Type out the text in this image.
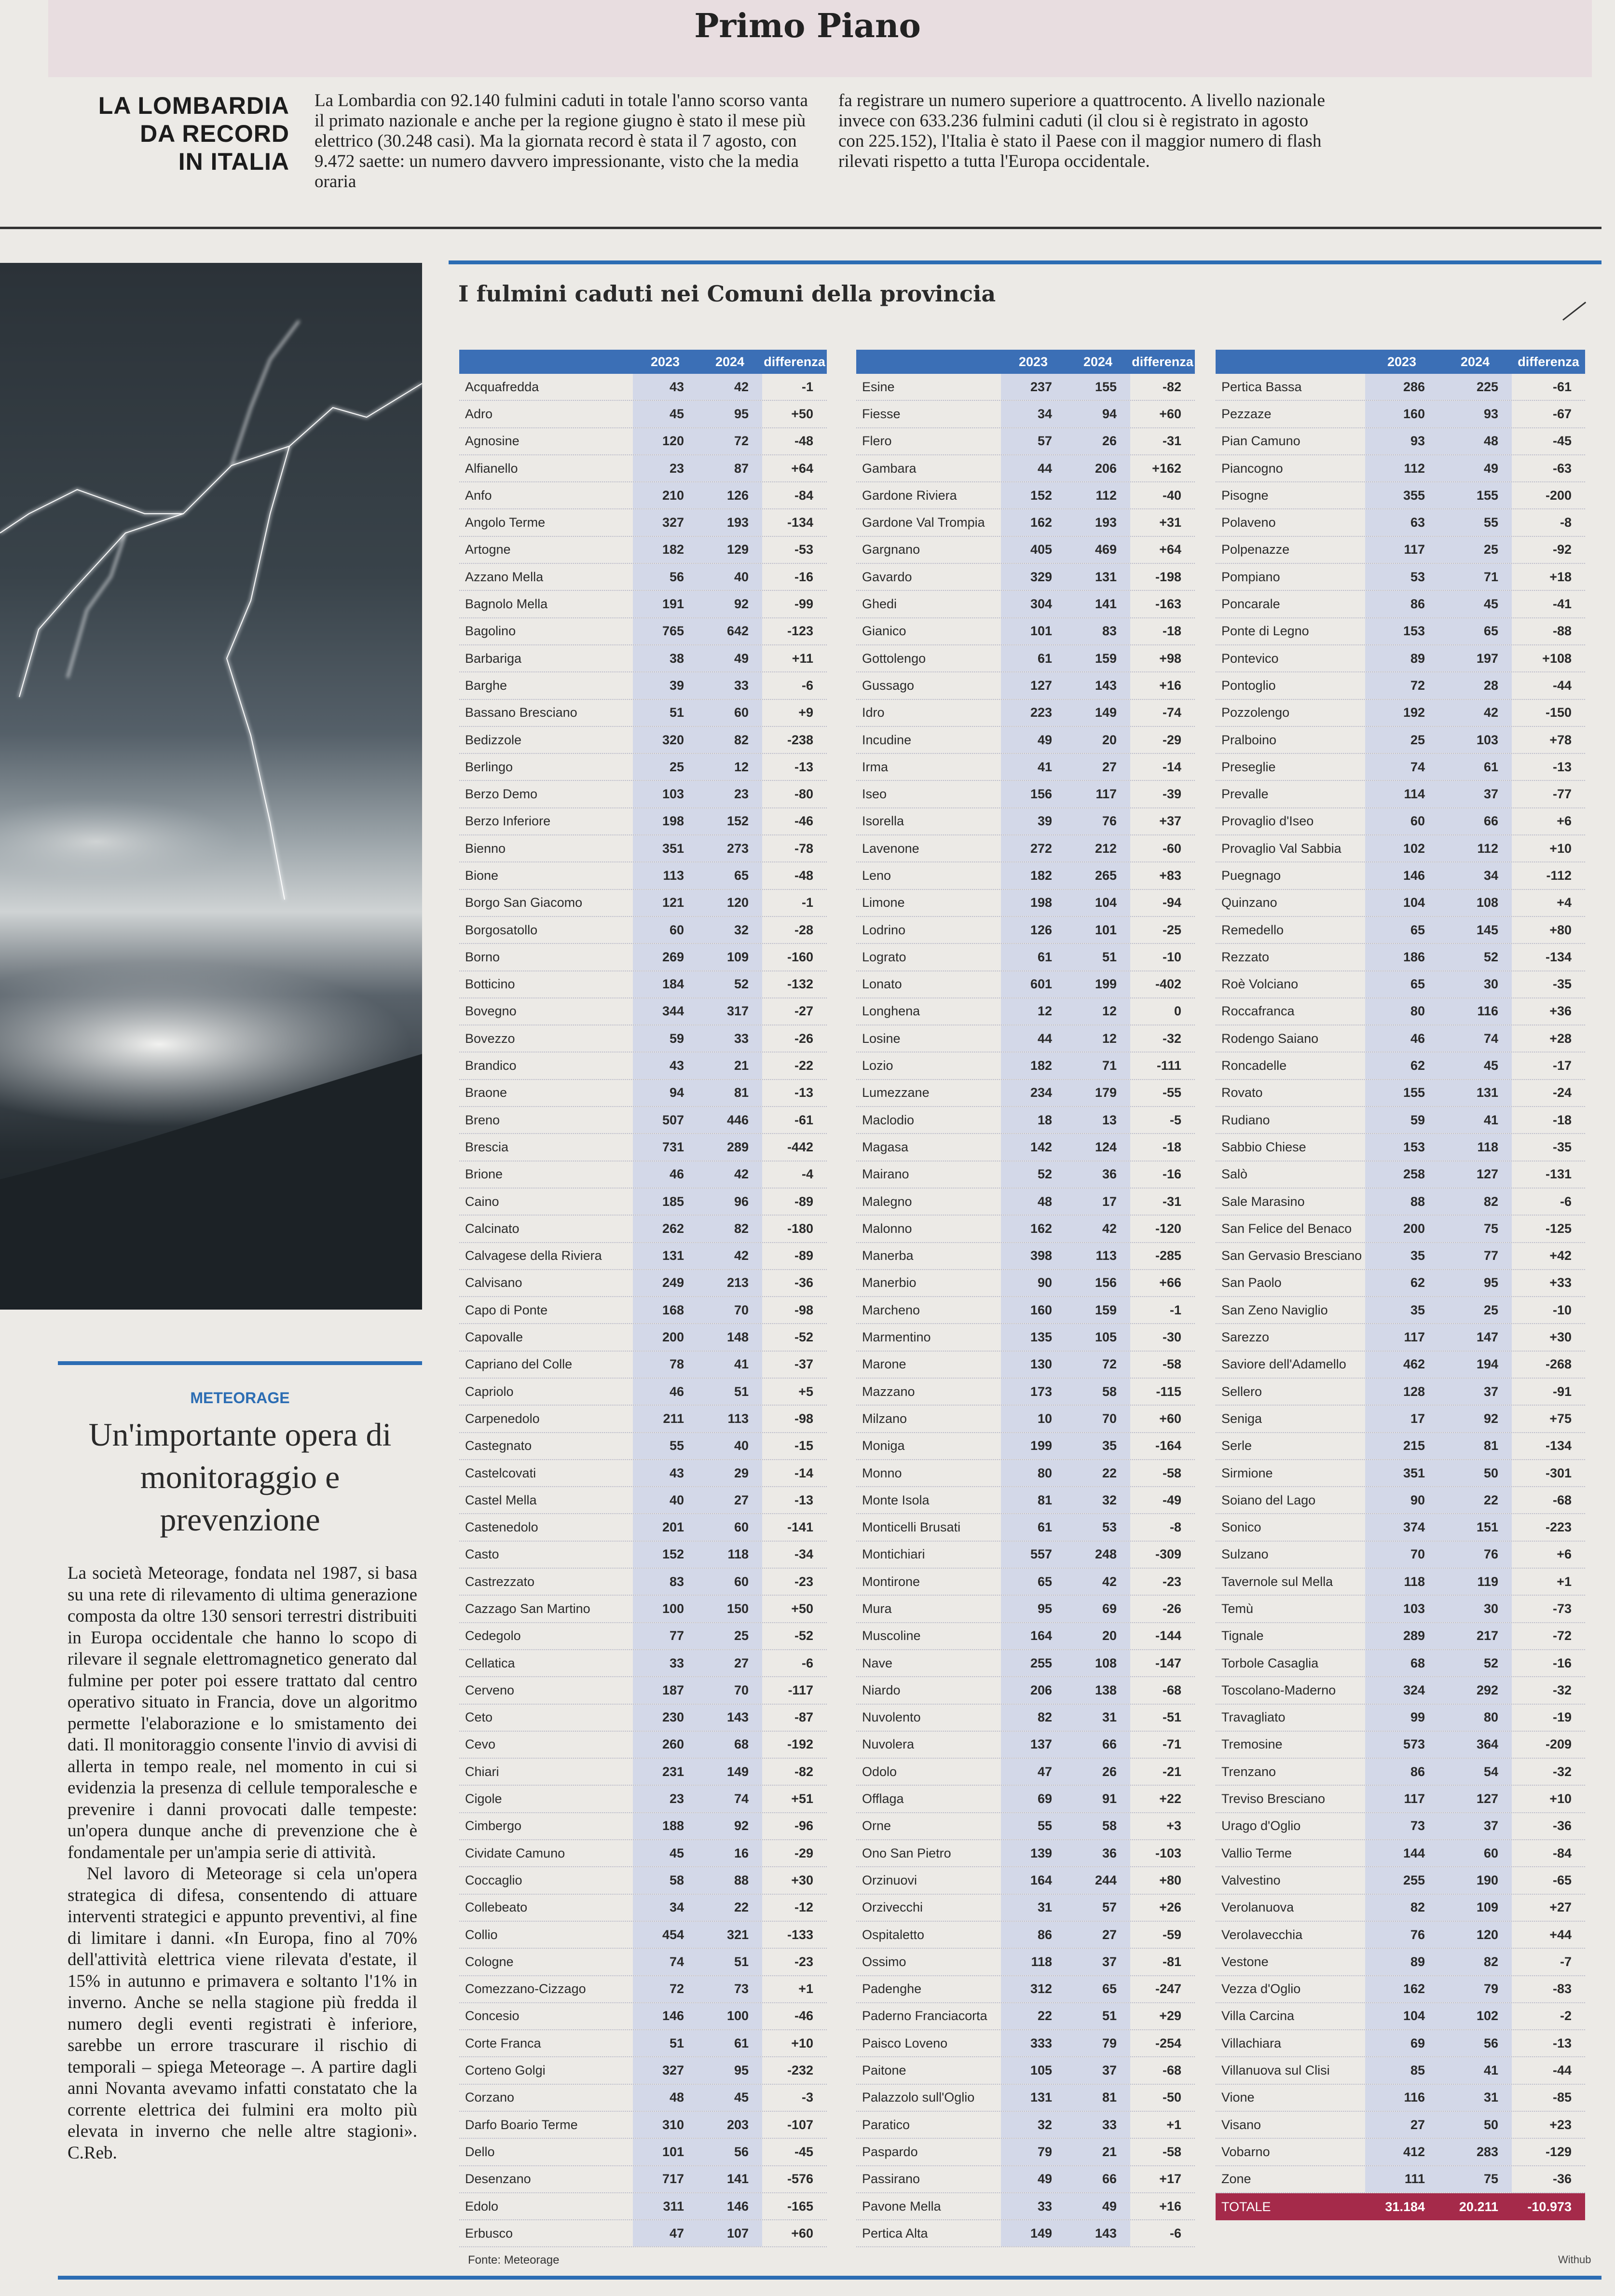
Primo Piano
LA LOMBARDIA
DA RECORD
IN ITALIA
La Lombardia con 92.140 fulmini caduti in totale l'anno scorso vanta il primato nazionale e anche per la regione giugno è stato il mese più elettrico (30.248 casi). Ma la giornata record è stata il 7 agosto, con 9.472 saette: un numero davvero impressionante, visto che la media oraria
fa registrare un numero superiore a quattrocento. A livello nazionale invece con 633.236 fulmini caduti (il clou si è registrato in agosto con 225.152), l'Italia è stato il Paese con il maggior numero di flash rilevati rispetto a tutta l'Europa occidentale.
METEORAGE
Un'importante opera di monitoraggio e prevenzione

La società Meteorage, fondata nel 1987, si basa su una rete di rilevamento di ultima generazione composta da oltre 130 sensori terrestri distribuiti in Europa occidentale che hanno lo scopo di rilevare il segnale elettromagnetico generato dal fulmine per poter poi essere trattato dal centro operativo situato in Francia, dove un algoritmo permette l'elaborazione e lo smistamento dei dati. Il monitoraggio consente l'invio di avvisi di allerta in tempo reale, nel momento in cui si evidenzia la presenza di cellule temporalesche e prevenire i danni provocati dalle tempeste: un'opera dunque anche di prevenzione che è fondamentale per un'ampia serie di attività.

Nel lavoro di Meteorage si cela un'opera strategica di difesa, consentendo di attuare interventi strategici e appunto preventivi, al fine di limitare i danni. «In Europa, fino al 70% dell'attività elettrica viene rilevata d'estate, il 15% in autunno e primavera e soltanto l'1% in inverno. Anche se nella stagione più fredda il numero degli eventi registrati è inferiore, sarebbe un errore trascurare il rischio di temporali – spiega Meteorage –. A partire dagli anni Novanta avevamo infatti constatato che la corrente elettrica dei fulmini era molto più elevata in inverno che nelle altre stagioni». C.Reb.

I fulmini caduti nei Comuni della provincia
2023	2024	differenza
Acquafredda	43	42	-1
Adro	45	95	+50
Agnosine	120	72	-48
Alfianello	23	87	+64
Anfo	210	126	-84
Angolo Terme	327	193	-134
Artogne	182	129	-53
Azzano Mella	56	40	-16
Bagnolo Mella	191	92	-99
Bagolino	765	642	-123
Barbariga	38	49	+11
Barghe	39	33	-6
Bassano Bresciano	51	60	+9
Bedizzole	320	82	-238
Berlingo	25	12	-13
Berzo Demo	103	23	-80
Berzo Inferiore	198	152	-46
Bienno	351	273	-78
Bione	113	65	-48
Borgo San Giacomo	121	120	-1
Borgosatollo	60	32	-28
Borno	269	109	-160
Botticino	184	52	-132
Bovegno	344	317	-27
Bovezzo	59	33	-26
Brandico	43	21	-22
Braone	94	81	-13
Breno	507	446	-61
Brescia	731	289	-442
Brione	46	42	-4
Caino	185	96	-89
Calcinato	262	82	-180
Calvagese della Riviera	131	42	-89
Calvisano	249	213	-36
Capo di Ponte	168	70	-98
Capovalle	200	148	-52
Capriano del Colle	78	41	-37
Capriolo	46	51	+5
Carpenedolo	211	113	-98
Castegnato	55	40	-15
Castelcovati	43	29	-14
Castel Mella	40	27	-13
Castenedolo	201	60	-141
Casto	152	118	-34
Castrezzato	83	60	-23
Cazzago San Martino	100	150	+50
Cedegolo	77	25	-52
Cellatica	33	27	-6
Cerveno	187	70	-117
Ceto	230	143	-87
Cevo	260	68	-192
Chiari	231	149	-82
Cigole	23	74	+51
Cimbergo	188	92	-96
Cividate Camuno	45	16	-29
Coccaglio	58	88	+30
Collebeato	34	22	-12
Collio	454	321	-133
Cologne	74	51	-23
Comezzano-Cizzago	72	73	+1
Concesio	146	100	-46
Corte Franca	51	61	+10
Corteno Golgi	327	95	-232
Corzano	48	45	-3
Darfo Boario Terme	310	203	-107
Dello	101	56	-45
Desenzano	717	141	-576
Edolo	311	146	-165
Erbusco	47	107	+60
2023	2024	differenza
Esine	237	155	-82
Fiesse	34	94	+60
Flero	57	26	-31
Gambara	44	206	+162
Gardone Riviera	152	112	-40
Gardone Val Trompia	162	193	+31
Gargnano	405	469	+64
Gavardo	329	131	-198
Ghedi	304	141	-163
Gianico	101	83	-18
Gottolengo	61	159	+98
Gussago	127	143	+16
Idro	223	149	-74
Incudine	49	20	-29
Irma	41	27	-14
Iseo	156	117	-39
Isorella	39	76	+37
Lavenone	272	212	-60
Leno	182	265	+83
Limone	198	104	-94
Lodrino	126	101	-25
Lograto	61	51	-10
Lonato	601	199	-402
Longhena	12	12	0
Losine	44	12	-32
Lozio	182	71	-111
Lumezzane	234	179	-55
Maclodio	18	13	-5
Magasa	142	124	-18
Mairano	52	36	-16
Malegno	48	17	-31
Malonno	162	42	-120
Manerba	398	113	-285
Manerbio	90	156	+66
Marcheno	160	159	-1
Marmentino	135	105	-30
Marone	130	72	-58
Mazzano	173	58	-115
Milzano	10	70	+60
Moniga	199	35	-164
Monno	80	22	-58
Monte Isola	81	32	-49
Monticelli Brusati	61	53	-8
Montichiari	557	248	-309
Montirone	65	42	-23
Mura	95	69	-26
Muscoline	164	20	-144
Nave	255	108	-147
Niardo	206	138	-68
Nuvolento	82	31	-51
Nuvolera	137	66	-71
Odolo	47	26	-21
Offlaga	69	91	+22
Orne	55	58	+3
Ono San Pietro	139	36	-103
Orzinuovi	164	244	+80
Orzivecchi	31	57	+26
Ospitaletto	86	27	-59
Ossimo	118	37	-81
Padenghe	312	65	-247
Paderno Franciacorta	22	51	+29
Paisco Loveno	333	79	-254
Paitone	105	37	-68
Palazzolo sull'Oglio	131	81	-50
Paratico	32	33	+1
Paspardo	79	21	-58
Passirano	49	66	+17
Pavone Mella	33	49	+16
Pertica Alta	149	143	-6
2023	2024	differenza
Pertica Bassa	286	225	-61
Pezzaze	160	93	-67
Pian Camuno	93	48	-45
Piancogno	112	49	-63
Pisogne	355	155	-200
Polaveno	63	55	-8
Polpenazze	117	25	-92
Pompiano	53	71	+18
Poncarale	86	45	-41
Ponte di Legno	153	65	-88
Pontevico	89	197	+108
Pontoglio	72	28	-44
Pozzolengo	192	42	-150
Pralboino	25	103	+78
Preseglie	74	61	-13
Prevalle	114	37	-77
Provaglio d'Iseo	60	66	+6
Provaglio Val Sabbia	102	112	+10
Puegnago	146	34	-112
Quinzano	104	108	+4
Remedello	65	145	+80
Rezzato	186	52	-134
Roè Volciano	65	30	-35
Roccafranca	80	116	+36
Rodengo Saiano	46	74	+28
Roncadelle	62	45	-17
Rovato	155	131	-24
Rudiano	59	41	-18
Sabbio Chiese	153	118	-35
Salò	258	127	-131
Sale Marasino	88	82	-6
San Felice del Benaco	200	75	-125
San Gervasio Bresciano	35	77	+42
San Paolo	62	95	+33
San Zeno Naviglio	35	25	-10
Sarezzo	117	147	+30
Saviore dell'Adamello	462	194	-268
Sellero	128	37	-91
Seniga	17	92	+75
Serle	215	81	-134
Sirmione	351	50	-301
Soiano del Lago	90	22	-68
Sonico	374	151	-223
Sulzano	70	76	+6
Tavernole sul Mella	118	119	+1
Temù	103	30	-73
Tignale	289	217	-72
Torbole Casaglia	68	52	-16
Toscolano-Maderno	324	292	-32
Travagliato	99	80	-19
Tremosine	573	364	-209
Trenzano	86	54	-32
Treviso Bresciano	117	127	+10
Urago d'Oglio	73	37	-36
Vallio Terme	144	60	-84
Valvestino	255	190	-65
Verolanuova	82	109	+27
Verolavecchia	76	120	+44
Vestone	89	82	-7
Vezza d'Oglio	162	79	-83
Villa Carcina	104	102	-2
Villachiara	69	56	-13
Villanuova sul Clisi	85	41	-44
Vione	116	31	-85
Visano	27	50	+23
Vobarno	412	283	-129
Zone	111	75	-36
TOTALE	31.184	20.211	-10.973
Fonte: Meteorage	Withub
